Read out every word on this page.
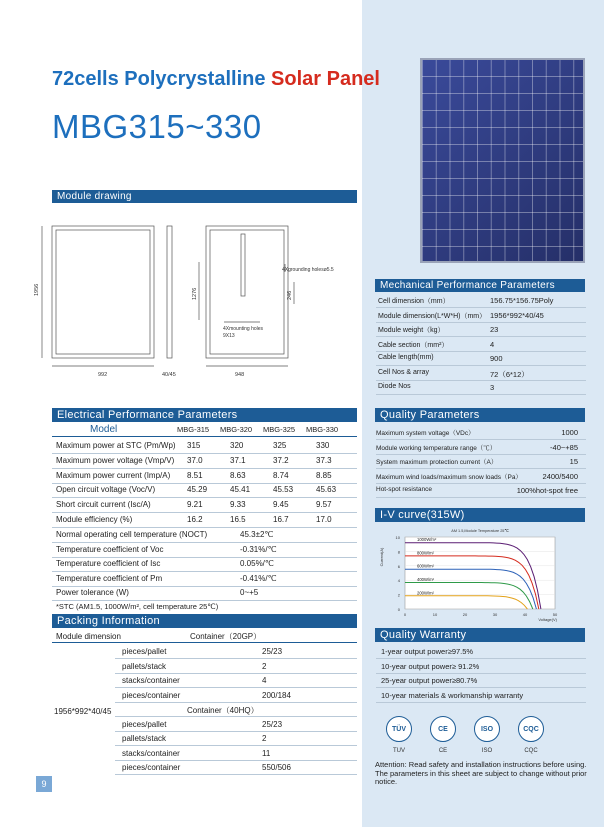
72cells Polycrystalline Solar Panel
MBG315~330
Module drawing
992
1956
40/45
1276
948
246
4Xmounting holes
9X13
4Xgrounding holesø5.5
Mechanical Performance Parameters
Cell dimension（mm）	156.75*156.75Poly
Module dimension(L*W*H)（mm） 1956*992*40/45
Module weight（kg）	23
Cable section（mm²）	4
Cable length(mm)	900
Cell Nos & array	72（6*12）
Diode Nos	3
Electrical Performance Parameters
Model	MBG-315 MBG-320 MBG-325 MBG-330
Maximum power at STC (Pm/Wp) 315	320	325	330
Maximum power voltage (Vmp/V) 37.0	37.1	37.2	37.3
Maximum power current (Imp/A) 8.51	8.63	8.74	8.85
Open circuit voltage (Voc/V)	45.29	45.41	45.53	45.63
Short circuit current (Isc/A)	9.21	9.33	9.45	9.57
Module efficiency (%)	16.2	16.5	16.7	17.0
Normal operating cell temperature (NOCT)	45.3±2℃
Temperature coefficient of Voc	-0.31%/℃
Temperature coefficient of Isc	0.05%/℃
Temperature coefficient of Pm	-0.41%/℃
Power tolerance (W)	0~+5
*STC (AM1.5, 1000W/m², cell temperature 25℃)
Quality Parameters
Maximum system voltage（VDc）	1000
Module working temperature range（℃）	-40~+85
System maximum protection current（A）	15
Maximum wind loads/maximum snow loads（Pa）	2400/5400
Hot-spot resistance	100%hot-spot free
I-V curve(315W)
0
2
4
6
8
10
0	10	20	30	40	50
AM 1.5,Module Temperature 25℃
Voltage(V)
Current(A)
1000W/m²
800W/m²
600W/m²
400W/m²
200W/m²
Packing Information
Module dimension	Container（20GP）
pieces/pallet	25/23
pallets/stack	2
stacks/container	4
pieces/container	200/184
Container（40HQ）
pieces/pallet	25/23
pallets/stack	2
stacks/container	11
pieces/container	550/506
1956*992*40/45
Quality Warranty
1-year output power≥97.5%
10-year output power≥ 91.2%
25-year output power≥80.7%
10-year materials & workmanship warranty
TÜV
TUV
CE
CE
ISO
ISO
CQC
CQC
Attention: Read safety and installation instructions before using. The parameters in this sheet are subject to change without prior notice.
9
